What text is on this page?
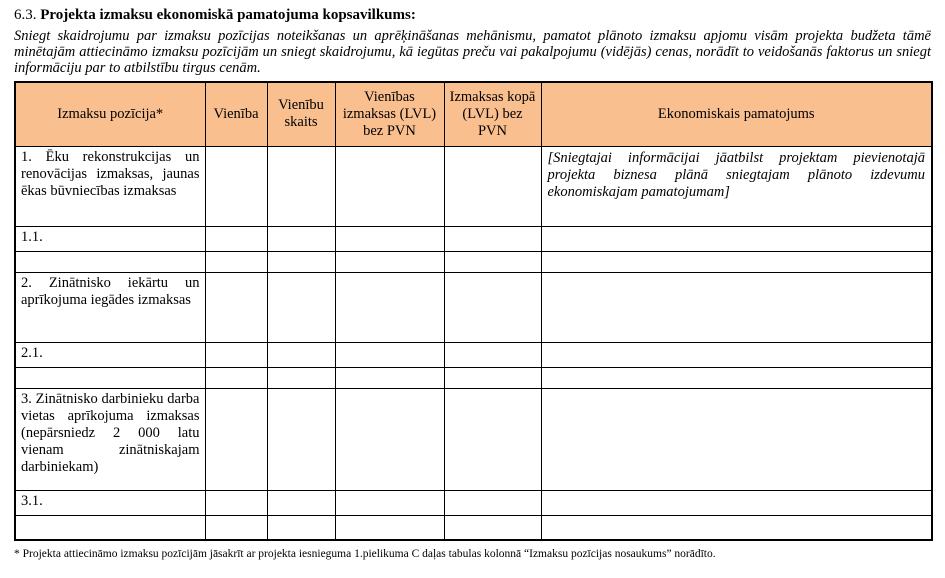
6.3. Projekta izmaksu ekonomiskā pamatojuma kopsavilkums:

Sniegt skaidrojumu par izmaksu pozīcijas noteikšanas un aprēķināšanas mehānismu, pamatot plānoto izmaksu apjomu visām projekta budžeta tāmē minētajām attiecināmo izmaksu pozīcijām un sniegt skaidrojumu, kā iegūtas preču vai pakalpojumu (vidējās) cenas, norādīt to veidošanās faktorus un sniegt informāciju par to atbilstību tirgus cenām.

Izmaksu pozīcija*	Vienība	Vienību skaits	Vienības izmaksas (LVL) bez PVN	Izmaksas kopā (LVL) bez PVN	Ekonomiskais pamatojums
1. Ēku rekonstrukcijas un renovācijas izmaksas, jaunas ēkas būvniecības izmaksas					[Sniegtajai informācijai jāatbilst projektam pievienotajā projekta biznesa plānā sniegtajam plānoto izdevumu ekonomiskajam pamatojumam]
1.1.					

2. Zinātnisko iekārtu un aprīkojuma iegādes izmaksas					
2.1.					

3. Zinātnisko darbinieku darba vietas aprīkojuma izmaksas (nepārsniedz 2 000 latu vienam zinātniskajam darbiniekam)					
3.1.					

* Projekta attiecināmo izmaksu pozīcijām jāsakrīt ar projekta iesnieguma 1.pielikuma C daļas tabulas kolonnā “Izmaksu pozīcijas nosaukums” norādīto.
